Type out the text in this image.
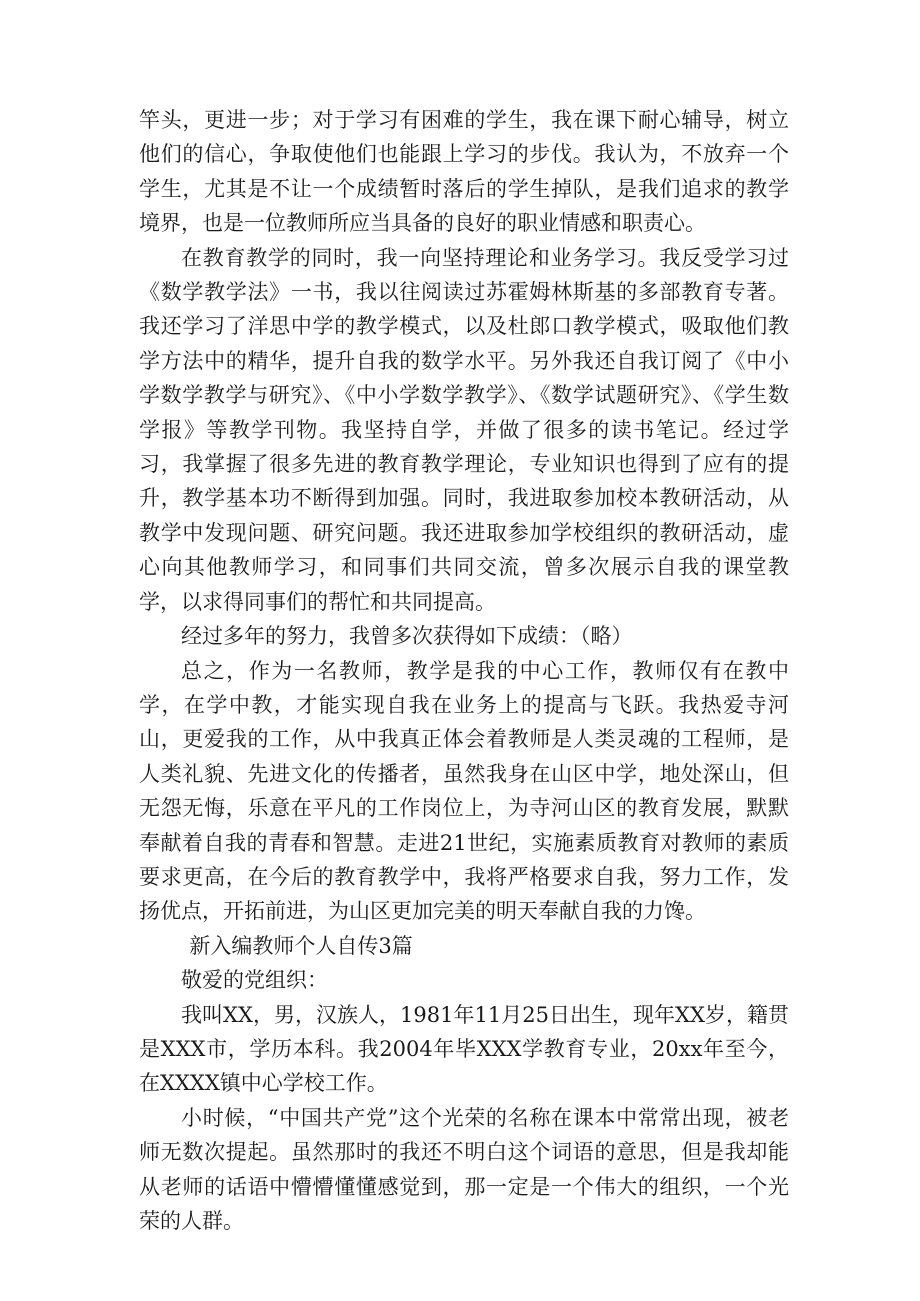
竿头，更进一步；对于学习有困难的学生，我在课下耐心辅导，树立他们的信心，争取使他们也能跟上学习的步伐。我认为，不放弃一个学生，尤其是不让一个成绩暂时落后的学生掉队，是我们追求的教学境界，也是一位教师所应当具备的良好的职业情感和职责心。

在教育教学的同时，我一向坚持理论和业务学习。我反受学习过《数学教学法》一书，我以往阅读过苏霍姆林斯基的多部教育专著。我还学习了洋思中学的教学模式，以及杜郎口教学模式，吸取他们教学方法中的精华，提升自我的数学水平。另外我还自我订阅了《中小学数学教学与研究》、《中小学数学教学》、《数学试题研究》、《学生数学报》等教学刊物。我坚持自学，并做了很多的读书笔记。经过学习，我掌握了很多先进的教育教学理论，专业知识也得到了应有的提升，教学基本功不断得到加强。同时，我进取参加校本教研活动，从教学中发现问题、研究问题。我还进取参加学校组织的教研活动，虚心向其他教师学习，和同事们共同交流，曾多次展示自我的课堂教学，以求得同事们的帮忙和共同提高。

经过多年的努力，我曾多次获得如下成绩：（略）

总之，作为一名教师，教学是我的中心工作，教师仅有在教中学，在学中教，才能实现自我在业务上的提高与飞跃。我热爱寺河山，更爱我的工作，从中我真正体会着教师是人类灵魂的工程师，是人类礼貌、先进文化的传播者，虽然我身在山区中学，地处深山，但无怨无悔，乐意在平凡的工作岗位上，为寺河山区的教育发展，默默奉献着自我的青春和智慧。走进21世纪，实施素质教育对教师的素质要求更高，在今后的教育教学中，我将严格要求自我，努力工作，发扬优点，开拓前进，为山区更加完美的明天奉献自我的力馋。

新入编教师个人自传3篇

敬爱的党组织：

我叫XX，男，汉族人，1981年11月25日出生，现年XX岁，籍贯是XXX市，学历本科。我2004年毕XXX学教育专业，20xx年至今，在XXXX镇中心学校工作。

小时候，“中国共产党”这个光荣的名称在课本中常常出现，被老师无数次提起。虽然那时的我还不明白这个词语的意思，但是我却能从老师的话语中懵懵懂懂感觉到，那一定是一个伟大的组织，一个光荣的人群。
